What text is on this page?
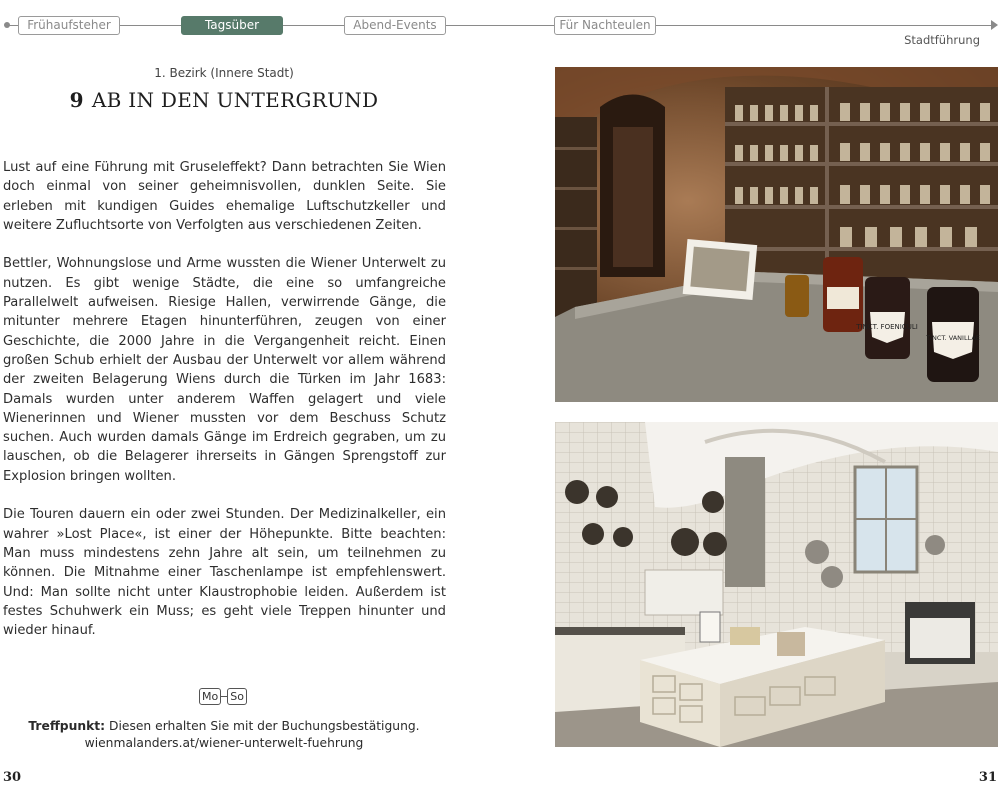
Frühaufsteher	Tagsüber	Abend-Events	Für Nachteulen
Stadtführung
1. Bezirk (Innere Stadt)
9 AB IN DEN UNTERGRUND

Lust auf eine Führung mit Gruseleffekt? Dann betrachten Sie Wien doch einmal von seiner geheimnisvollen, dunklen Seite. Sie erleben mit kundigen Guides ehemalige Luftschutzkeller und weitere Zufluchtsorte von Verfolgten aus verschiedenen Zeiten.

Bettler, Wohnungslose und Arme wussten die Wiener Unterwelt zu nutzen. Es gibt wenige Städte, die eine so umfangreiche Parallelwelt aufweisen. Riesige Hallen, verwirrende Gänge, die mitunter mehrere Etagen hinunterführen, zeugen von einer Geschichte, die 2000 Jahre in die Vergangenheit reicht. Einen großen Schub erhielt der Ausbau der Unterwelt vor allem während der zweiten Belagerung Wiens durch die Türken im Jahr 1683: Damals wurden unter anderem Waffen gelagert und viele Wienerinnen und Wiener mussten vor dem Beschuss Schutz suchen. Auch wurden damals Gänge im Erdreich gegraben, um zu lauschen, ob die Belagerer ihrerseits in Gängen Sprengstoff zur Explosion bringen wollten.

Die Touren dauern ein oder zwei Stunden. Der Medizinalkeller, ein wahrer »Lost Place«, ist einer der Höhepunkte. Bitte beachten: Man muss mindestens zehn Jahre alt sein, um teilnehmen zu können. Die Mitnahme einer Taschenlampe ist empfehlenswert. Und: Man sollte nicht unter Klaustrophobie leiden. Außerdem ist festes Schuhwerk ein Muss; es geht viele Treppen hinunter und wieder hinauf.

Mo So
Treffpunkt: Diesen erhalten Sie mit der Buchungsbestätigung.
wienmalanders.at/wiener-unterwelt-fuehrung
30	31
TINCT. FOENICULI
TINCT. VANILLAE
